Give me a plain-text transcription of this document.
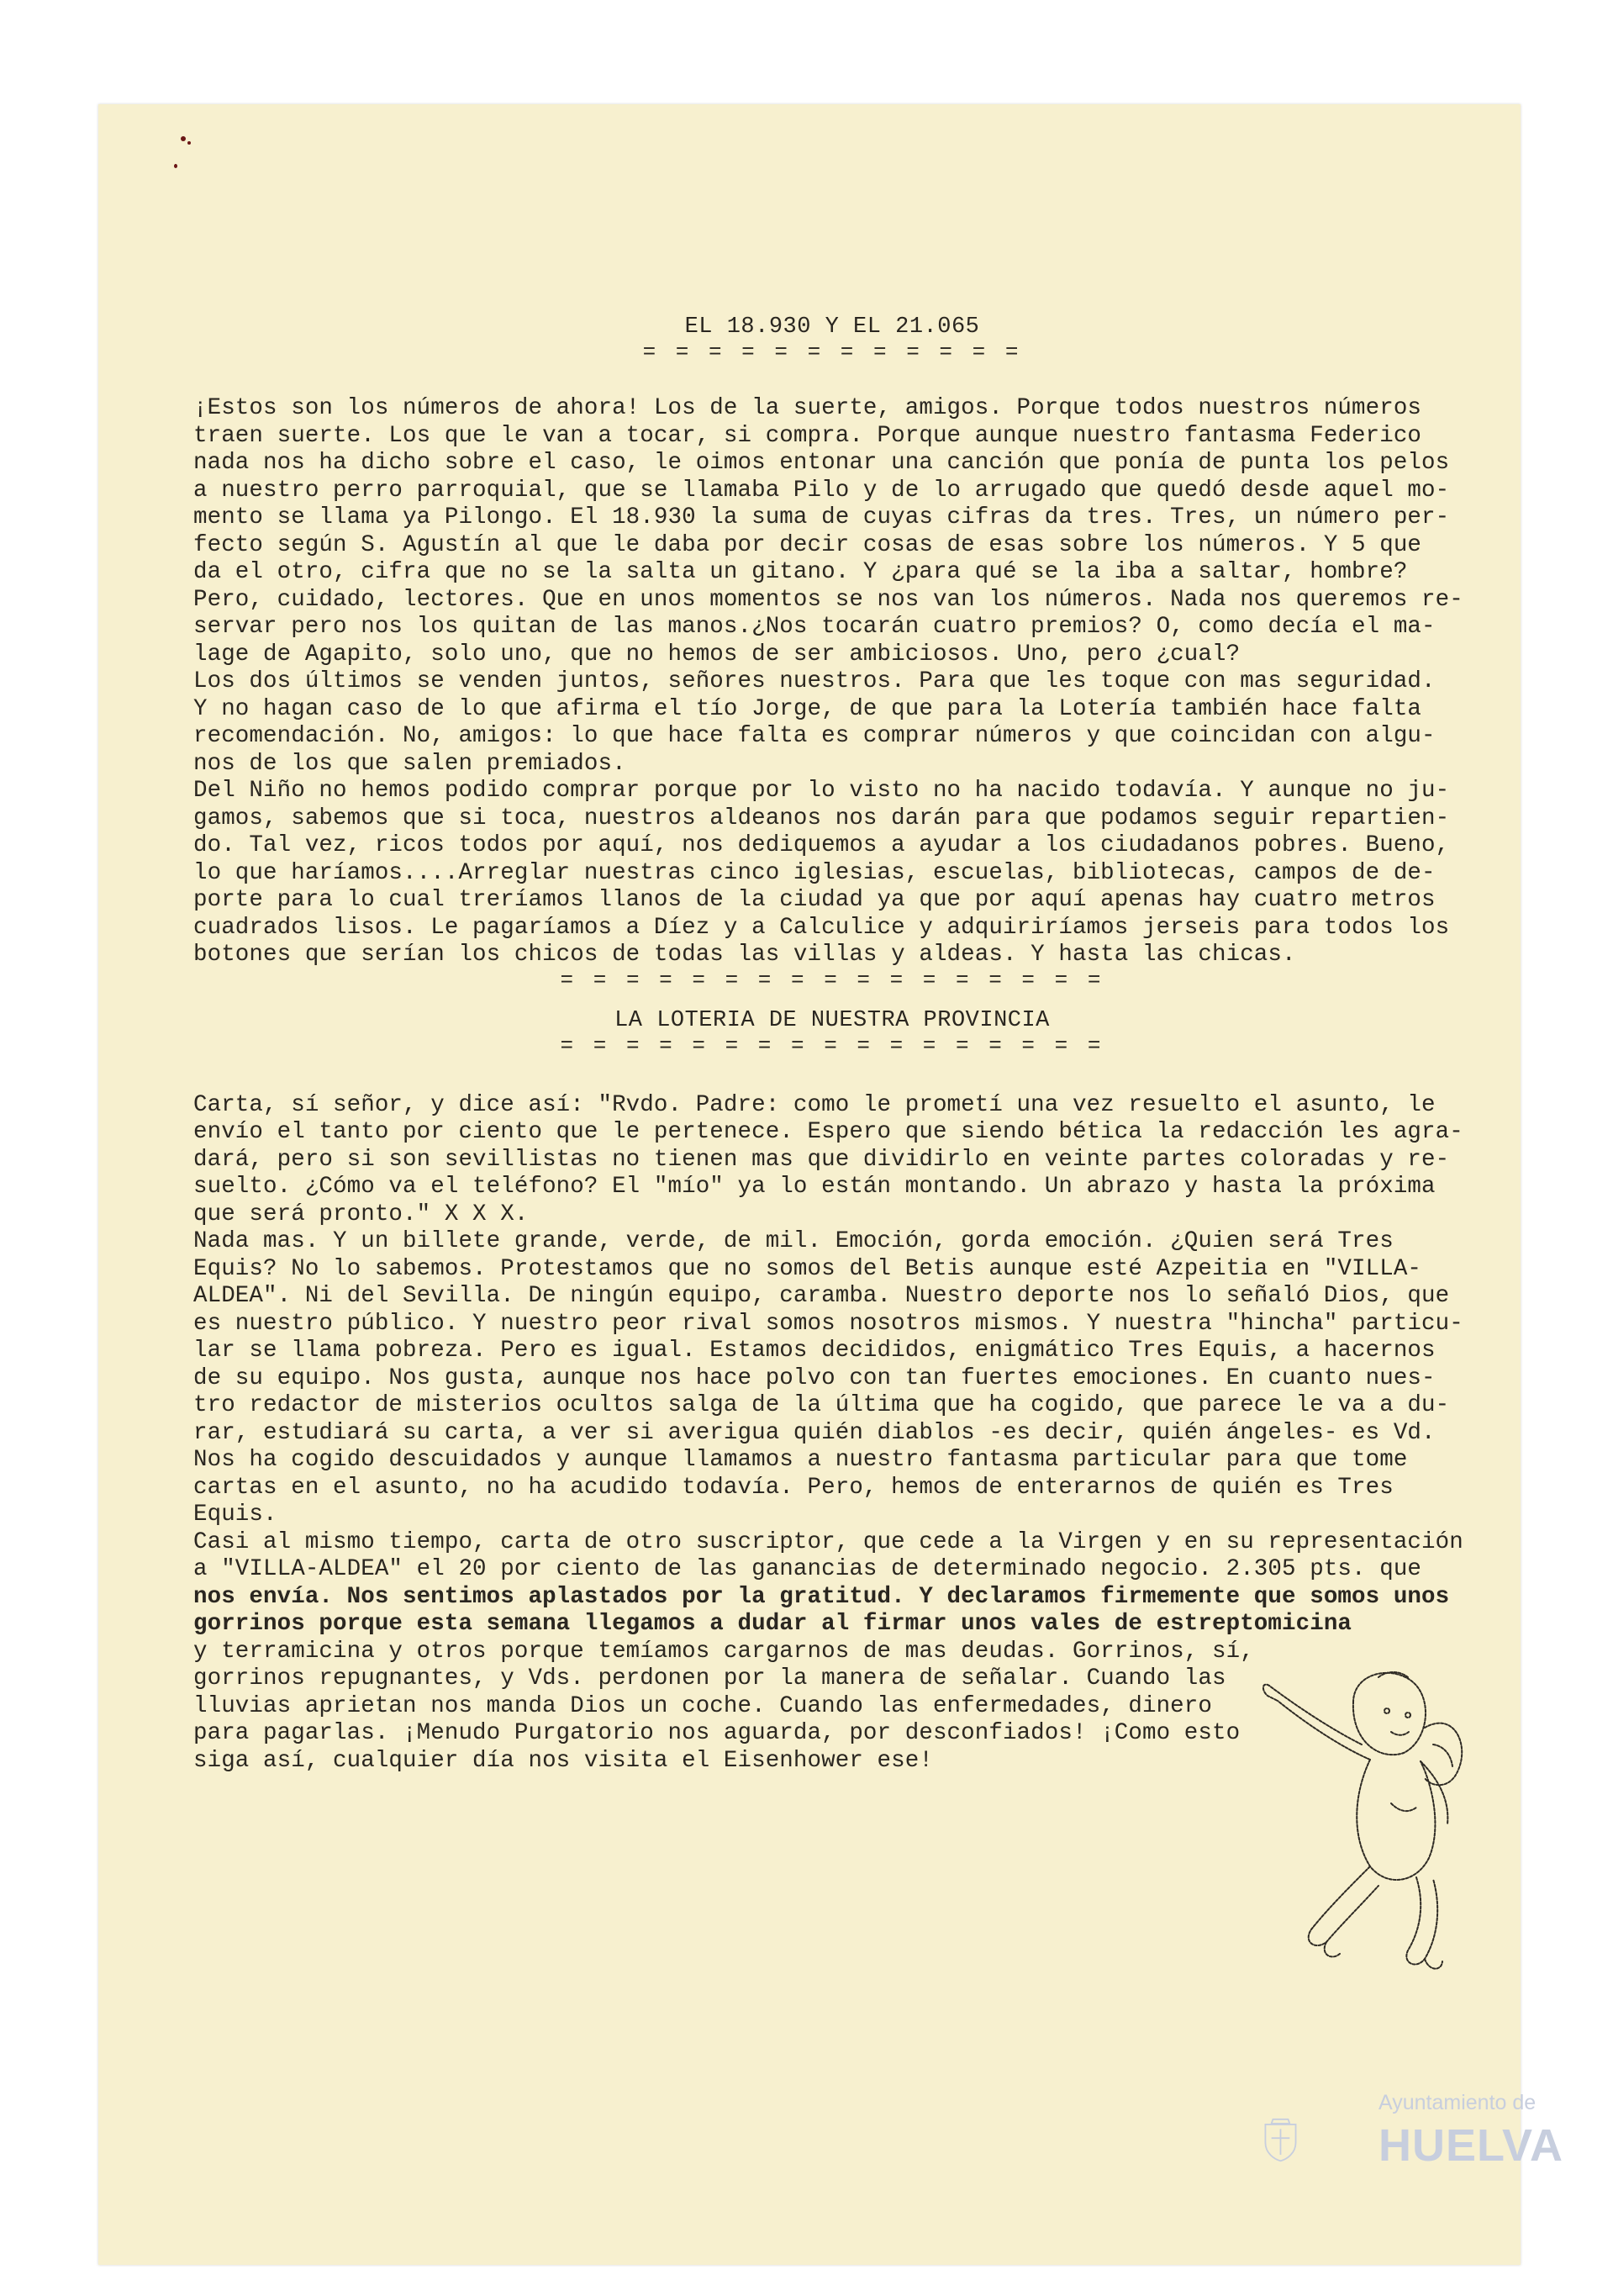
EL 18.930 Y EL 21.065

= = = = = = = = = = = =

¡Estos son los números de ahora! Los de la suerte, amigos. Porque todos nuestros números

traen suerte. Los que le van a tocar, si compra. Porque aunque nuestro fantasma Federico

nada nos ha dicho sobre el caso, le oimos entonar una canción que ponía de punta los pelos

a nuestro perro parroquial, que se llamaba Pilo y de lo arrugado que quedó desde aquel mo-

mento se llama ya Pilongo. El 18.930 la suma de cuyas cifras da tres. Tres, un número per-

fecto según S. Agustín al que le daba por decir cosas de esas sobre los números. Y 5 que

da el otro, cifra que no se la salta un gitano. Y ¿para qué se la iba a saltar, hombre?

Pero, cuidado, lectores. Que en unos momentos se nos van los números. Nada nos queremos re-

servar pero nos los quitan de las manos.¿Nos tocarán cuatro premios? O, como decía el ma-

lage de Agapito, solo uno, que no hemos de ser ambiciosos. Uno, pero ¿cual?

Los dos últimos se venden juntos, señores nuestros. Para que les toque con mas seguridad.

Y no hagan caso de lo que afirma el tío Jorge, de que para la Lotería también hace falta

recomendación. No, amigos: lo que hace falta es comprar números y que coincidan con algu-

nos de los que salen premiados.

Del Niño no hemos podido comprar porque por lo visto no ha nacido todavía. Y aunque no ju-

gamos, sabemos que si toca, nuestros aldeanos nos darán para que podamos seguir repartien-

do. Tal vez, ricos todos por aquí, nos dediquemos a ayudar a los ciudadanos pobres. Bueno,

lo que haríamos....Arreglar nuestras cinco iglesias, escuelas, bibliotecas, campos de de-

porte para lo cual treríamos llanos de la ciudad ya que por aquí apenas hay cuatro metros

cuadrados lisos. Le pagaríamos a Díez y a Calculice y adquiriríamos jerseis para todos los

botones que serían los chicos de todas las villas y aldeas. Y hasta las chicas.

= = = = = = = = = = = = = = = = =

LA LOTERIA DE NUESTRA PROVINCIA

= = = = = = = = = = = = = = = = =

Carta, sí señor, y dice así: "Rvdo. Padre: como le prometí una vez resuelto el asunto, le

envío el tanto por ciento que le pertenece. Espero que siendo bética la redacción les agra-

dará, pero si son sevillistas no tienen mas que dividirlo en veinte partes coloradas y re-

suelto. ¿Cómo va el teléfono? El "mío" ya lo están montando. Un abrazo y hasta la próxima

que será pronto." X X X.

Nada mas. Y un billete grande, verde, de mil. Emoción, gorda emoción. ¿Quien será Tres

Equis? No lo sabemos. Protestamos que no somos del Betis aunque esté Azpeitia en "VILLA-

ALDEA". Ni del Sevilla. De ningún equipo, caramba. Nuestro deporte nos lo señaló Dios, que

es nuestro público. Y nuestro peor rival somos nosotros mismos. Y nuestra "hincha" particu-

lar se llama pobreza. Pero es igual. Estamos decididos, enigmático Tres Equis, a hacernos

de su equipo. Nos gusta, aunque nos hace polvo con tan fuertes emociones. En cuanto nues-

tro redactor de misterios ocultos salga de la última que ha cogido, que parece le va a du-

rar, estudiará su carta, a ver si averigua quién diablos -es decir, quién ángeles- es Vd.

Nos ha cogido descuidados y aunque llamamos a nuestro fantasma particular para que tome

cartas en el asunto, no ha acudido todavía. Pero, hemos de enterarnos de quién es Tres

Equis.

Casi al mismo tiempo, carta de otro suscriptor, que cede a la Virgen y en su representación

a "VILLA-ALDEA" el 20 por ciento de las ganancias de determinado negocio. 2.305 pts. que

nos envía. Nos sentimos aplastados por la gratitud. Y declaramos firmemente que somos unos

gorrinos porque esta semana llegamos a dudar al firmar unos vales de estreptomicina

y terramicina y otros porque temíamos cargarnos de mas deudas. Gorrinos, sí,

gorrinos repugnantes, y Vds. perdonen por la manera de señalar. Cuando las

lluvias aprietan nos manda Dios un coche. Cuando las enfermedades, dinero

para pagarlas. ¡Menudo Purgatorio nos aguarda, por desconfiados! ¡Como esto

siga así, cualquier día nos visita el Eisenhower ese!

Ayuntamiento de
HUELVA
